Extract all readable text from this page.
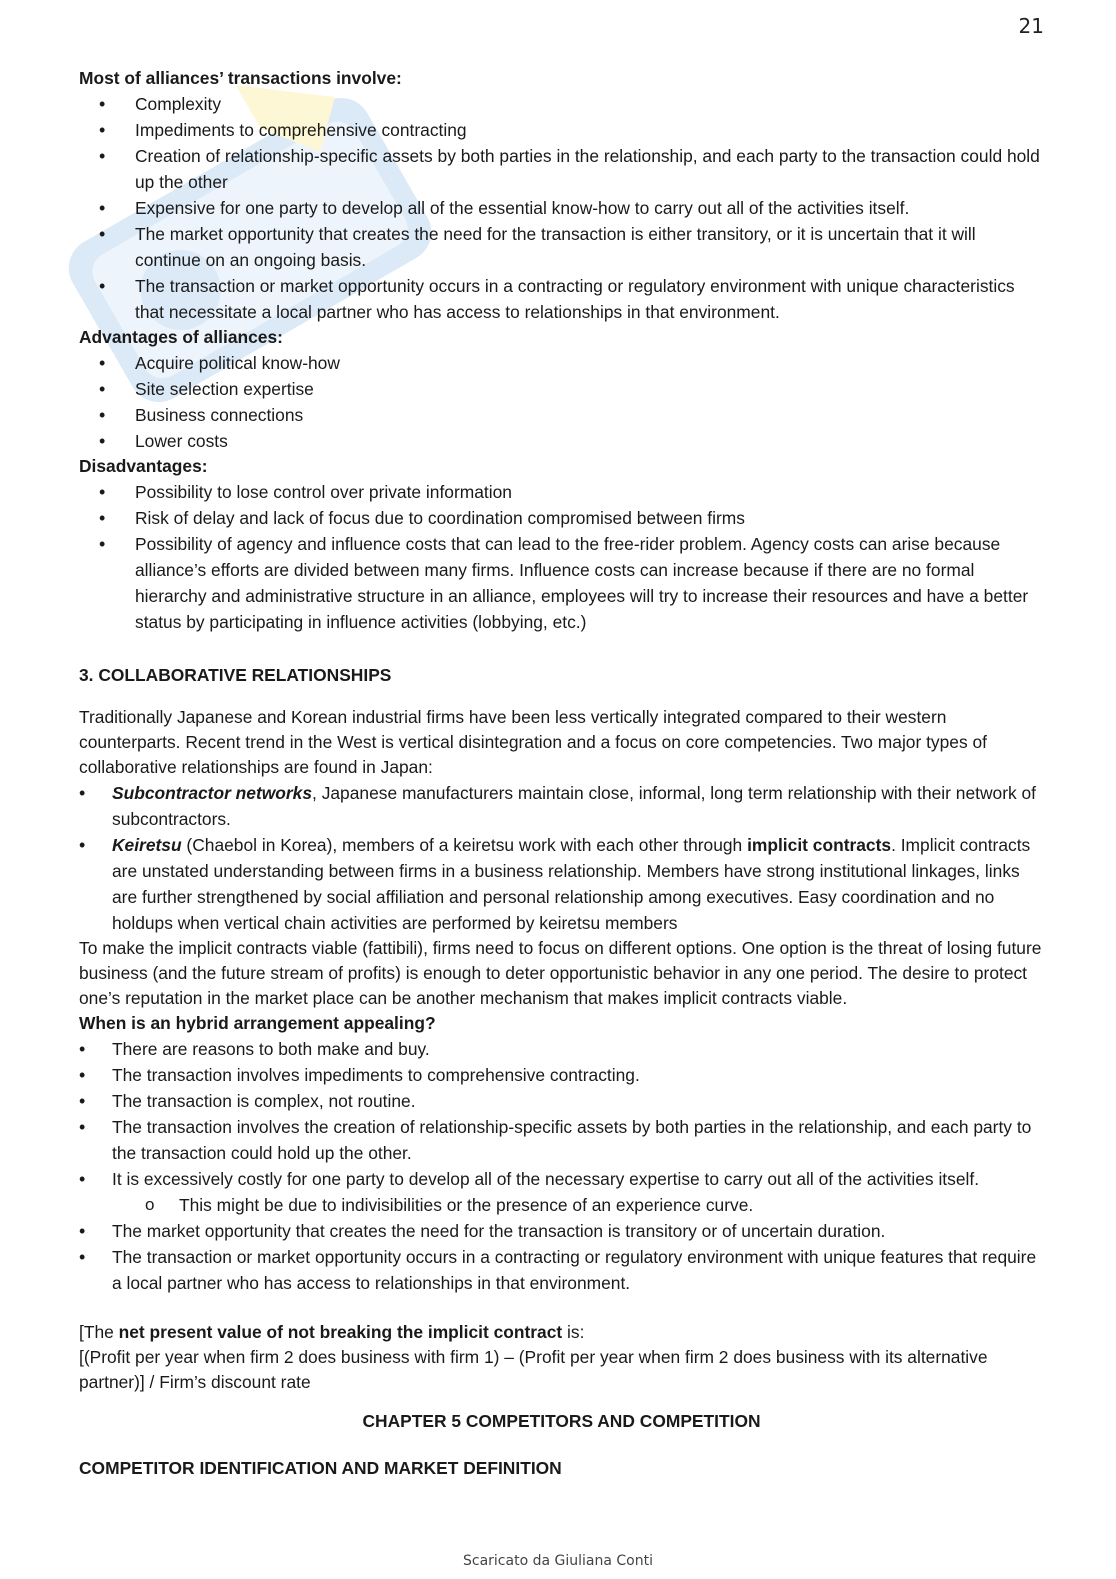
21

Most of alliances’ transactions involve:

• Complexity
• Impediments to comprehensive contracting
• Creation of relationship-specific assets by both parties in the relationship, and each party to the transaction could hold up the other
• Expensive for one party to develop all of the essential know-how to carry out all of the activities itself.
• The market opportunity that creates the need for the transaction is either transitory, or it is uncertain that it will continue on an ongoing basis.
• The transaction or market opportunity occurs in a contracting or regulatory environment with unique characteristics that necessitate a local partner who has access to relationships in that environment.

Advantages of alliances:

• Acquire political know-how
• Site selection expertise
• Business connections
• Lower costs

Disadvantages:

• Possibility to lose control over private information
• Risk of delay and lack of focus due to coordination compromised between firms
• Possibility of agency and influence costs that can lead to the free-rider problem. Agency costs can arise because alliance’s efforts are divided between many firms. Influence costs can increase because if there are no formal hierarchy and administrative structure in an alliance, employees will try to increase their resources and have a better status by participating in influence activities (lobbying, etc.)

3. COLLABORATIVE RELATIONSHIPS

Traditionally Japanese and Korean industrial firms have been less vertically integrated compared to their western counterparts. Recent trend in the West is vertical disintegration and a focus on core competencies. Two major types of collaborative relationships are found in Japan:

• Subcontractor networks, Japanese manufacturers maintain close, informal, long term relationship with their network of subcontractors.
• Keiretsu (Chaebol in Korea), members of a keiretsu work with each other through implicit contracts. Implicit contracts are unstated understanding between firms in a business relationship. Members have strong institutional linkages, links are further strengthened by social affiliation and personal relationship among executives. Easy coordination and no holdups when vertical chain activities are performed by keiretsu members

To make the implicit contracts viable (fattibili), firms need to focus on different options. One option is the threat of losing future business (and the future stream of profits) is enough to deter opportunistic behavior in any one period. The desire to protect one’s reputation in the market place can be another mechanism that makes implicit contracts viable.

When is an hybrid arrangement appealing?

• There are reasons to both make and buy.
• The transaction involves impediments to comprehensive contracting.
• The transaction is complex, not routine.
• The transaction involves the creation of relationship-specific assets by both parties in the relationship, and each party to the transaction could hold up the other.
• It is excessively costly for one party to develop all of the necessary expertise to carry out all of the activities itself.
o This might be due to indivisibilities or the presence of an experience curve.
• The market opportunity that creates the need for the transaction is transitory or of uncertain duration.
• The transaction or market opportunity occurs in a contracting or regulatory environment with unique features that require a local partner who has access to relationships in that environment.

[The net present value of not breaking the implicit contract is:

[(Profit per year when firm 2 does business with firm 1) – (Profit per year when firm 2 does business with its alternative partner)] / Firm’s discount rate

CHAPTER 5 COMPETITORS AND COMPETITION

COMPETITOR IDENTIFICATION AND MARKET DEFINITION

Scaricato da Giuliana Conti
